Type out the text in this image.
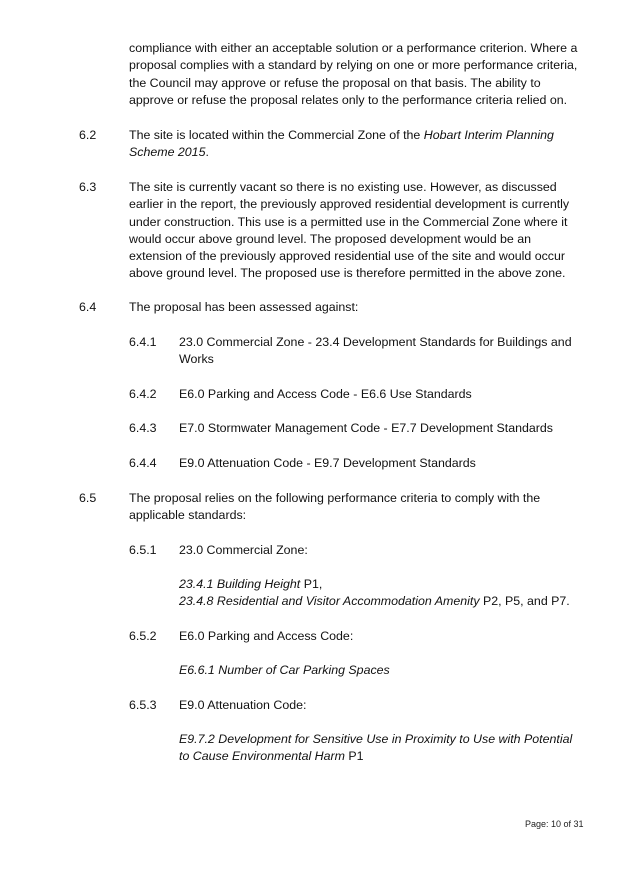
compliance with either an acceptable solution or a performance criterion. Where a
proposal complies with a standard by relying on one or more performance criteria,
the Council may approve or refuse the proposal on that basis. The ability to
approve or refuse the proposal relates only to the performance criteria relied on.
6.2	The site is located within the Commercial Zone of the Hobart Interim Planning Scheme 2015.
6.3	The site is currently vacant so there is no existing use. However, as discussed
earlier in the report, the previously approved residential development is currently
under construction. This use is a permitted use in the Commercial Zone where it
would occur above ground level. The proposed development would be an
extension of the previously approved residential use of the site and would occur
above ground level. The proposed use is therefore permitted in the above zone.
6.4	The proposal has been assessed against:
6.4.1 23.0 Commercial Zone - 23.4 Development Standards for Buildings and Works
6.4.2 E6.0 Parking and Access Code - E6.6 Use Standards
6.4.3 E7.0 Stormwater Management Code - E7.7 Development Standards
6.4.4 E9.0 Attenuation Code - E9.7 Development Standards
6.5	The proposal relies on the following performance criteria to comply with the
applicable standards:
6.5.1 23.0 Commercial Zone:
23.4.1 Building Height P1,
23.4.8 Residential and Visitor Accommodation Amenity P2, P5, and P7.
6.5.2 E6.0 Parking and Access Code:
E6.6.1 Number of Car Parking Spaces
6.5.3 E9.0 Attenuation Code:
E9.7.2 Development for Sensitive Use in Proximity to Use with Potential to Cause Environmental Harm P1
Page: 10 of 31
